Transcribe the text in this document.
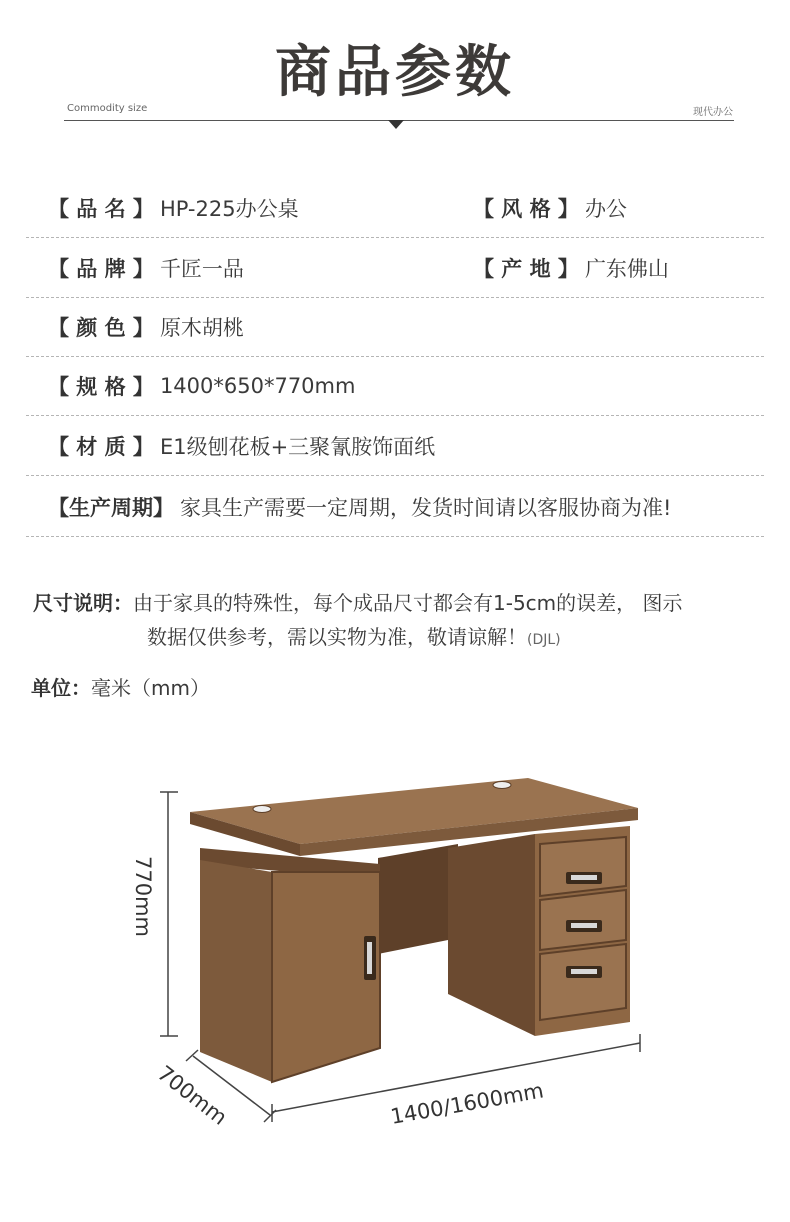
商品参数
Commodity size	现代办公
【 品 名 】 HP-225办公桌	【 风 格 】 办公
【 品 牌 】 千匠一品	【 产 地 】 广东佛山
【 颜 色 】 原木胡桃
【 规 格 】 1400*650*770mm
【 材 质 】 E1级刨花板+三聚氰胺饰面纸
【生产周期】 家具生产需要一定周期，发货时间请以客服协商为准!
尺寸说明：由于家具的特殊性，每个成品尺寸都会有1-5cm的误差， 图示
数据仅供参考，需以实物为准，敬请谅解！(DJL)
单位：毫米（mm）
770mm
700mm	1400/1600mm
